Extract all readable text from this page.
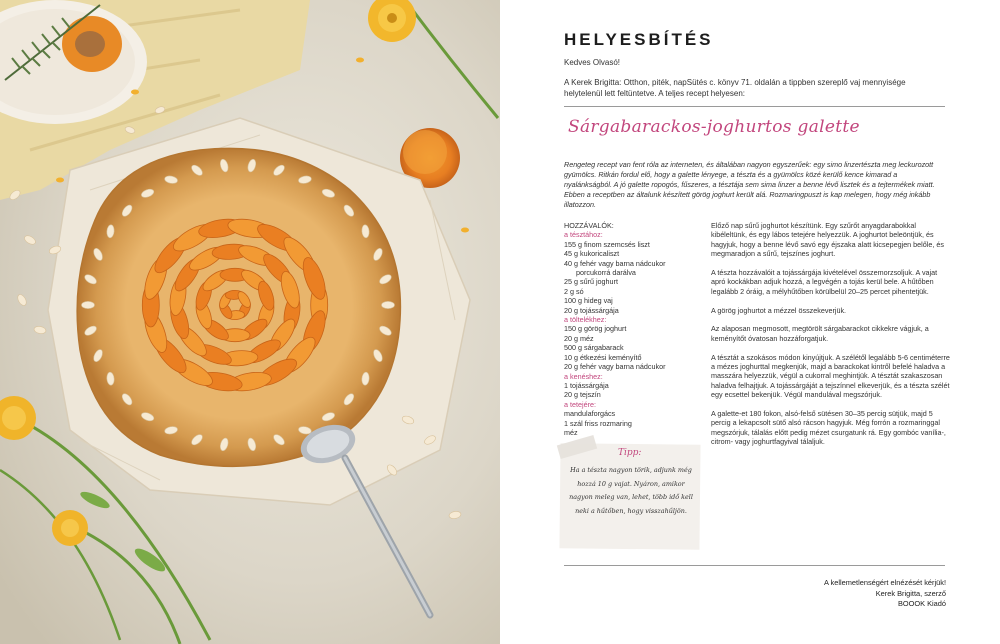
HELYESBÍTÉS
Kedves Olvasó!
A Kerek Brigitta: Otthon, piték, napSütés c. könyv 71. oldalán a tippben szereplő vaj mennyisége helytelenül lett feltüntetve. A teljes recept helyesen:
Sárgabarackos-joghurtos galette
Rengeteg recept van fent róla az interneten, és általában nagyon egyszerűek: egy simo linzertészta meg leckurozott gyümölcs. Ritkán fordul elő, hogy a galette lényege, a tészta és a gyümölcs közé kerülő kence kimarad a nyalánkságból. A jó galette ropogós, fűszeres, a tésztája sem sima linzer a benne lévő lisztek és a tejtermékek miatt. Ebben a receptben az általunk készített görög joghurt került alá. Rozmaringpuszt is kap melegen, hogy még inkább illatozzon.
HOZZÁVALÓK:
a tésztához:
155 g finom szemcsés liszt
45 g kukoricaliszt
40 g fehér vagy barna nádcukor
porcukorrá darálva
25 g sűrű joghurt
2 g só
100 g hideg vaj
20 g tojássárgája
a töltelékhez:
150 g görög joghurt
20 g méz
500 g sárgabarack
10 g étkezési keményítő
20 g fehér vagy barna nádcukor
a kenéshez:
1 tojássárgája
20 g tejszín
a tetejére:
mandulaforgács
1 szál friss rozmaring
méz

Előző nap sűrű joghurtot készítünk. Egy szűrőt anyagdarabokkal kibéleltünk, és egy lábos tetejére helyezzük. A joghurtot beleöntjük, és hagyjuk, hogy a benne lévő savó egy éjszaka alatt kicsepegjen belőle, és megmaradjon a sűrű, tejszínes joghurt.

A tészta hozzávalóit a tojássárgája kivételével összemorzsoljuk. A vajat apró kockákban adjuk hozzá, a legvégén a tojás kerül bele. A hűtőben legalább 2 óráig, a mélyhűtőben körülbelül 20–25 percet pihentetjük.

A görög joghurtot a mézzel összekeverjük.

Az alaposan megmosott, megtörölt sárgabarackot cikkekre vágjuk, a keményítőt óvatosan hozzáforgatjuk.

A tésztát a szokásos módon kinyújtjuk. A szélétől legalább 5-6 centiméterre a mézes joghurttal megkenjük, majd a barackokat kintről befelé haladva a masszára helyezzük, végül a cukorral meghintjük. A tésztát szakaszosan haladva felhajtjuk. A tojássárgáját a tejszínnel elkeverjük, és a tészta szélét egy ecsettel bekenjük. Végül mandulával megszórjuk.

A galette-et 180 fokon, alsó-felső sütésen 30–35 percig sütjük, majd 5 percig a lekapcsolt sütő alsó rácson hagyjuk. Még forrón a rozmaringgal megszórjuk, tálalás előtt pedig mézet csurgatunk rá. Egy gombóc vanília-, citrom- vagy joghurtfagyival tálaljuk.

Tipp:
Ha a tészta nagyon törik, adjunk még hozzá 10 g vajat. Nyáron, amikor nagyon meleg van, lehet, több idő kell neki a hűtőben, hogy visszahűljön.
A kellemetlenségért elnézését kérjük!
Kerek Brigitta, szerző
BOOOK Kiadó
